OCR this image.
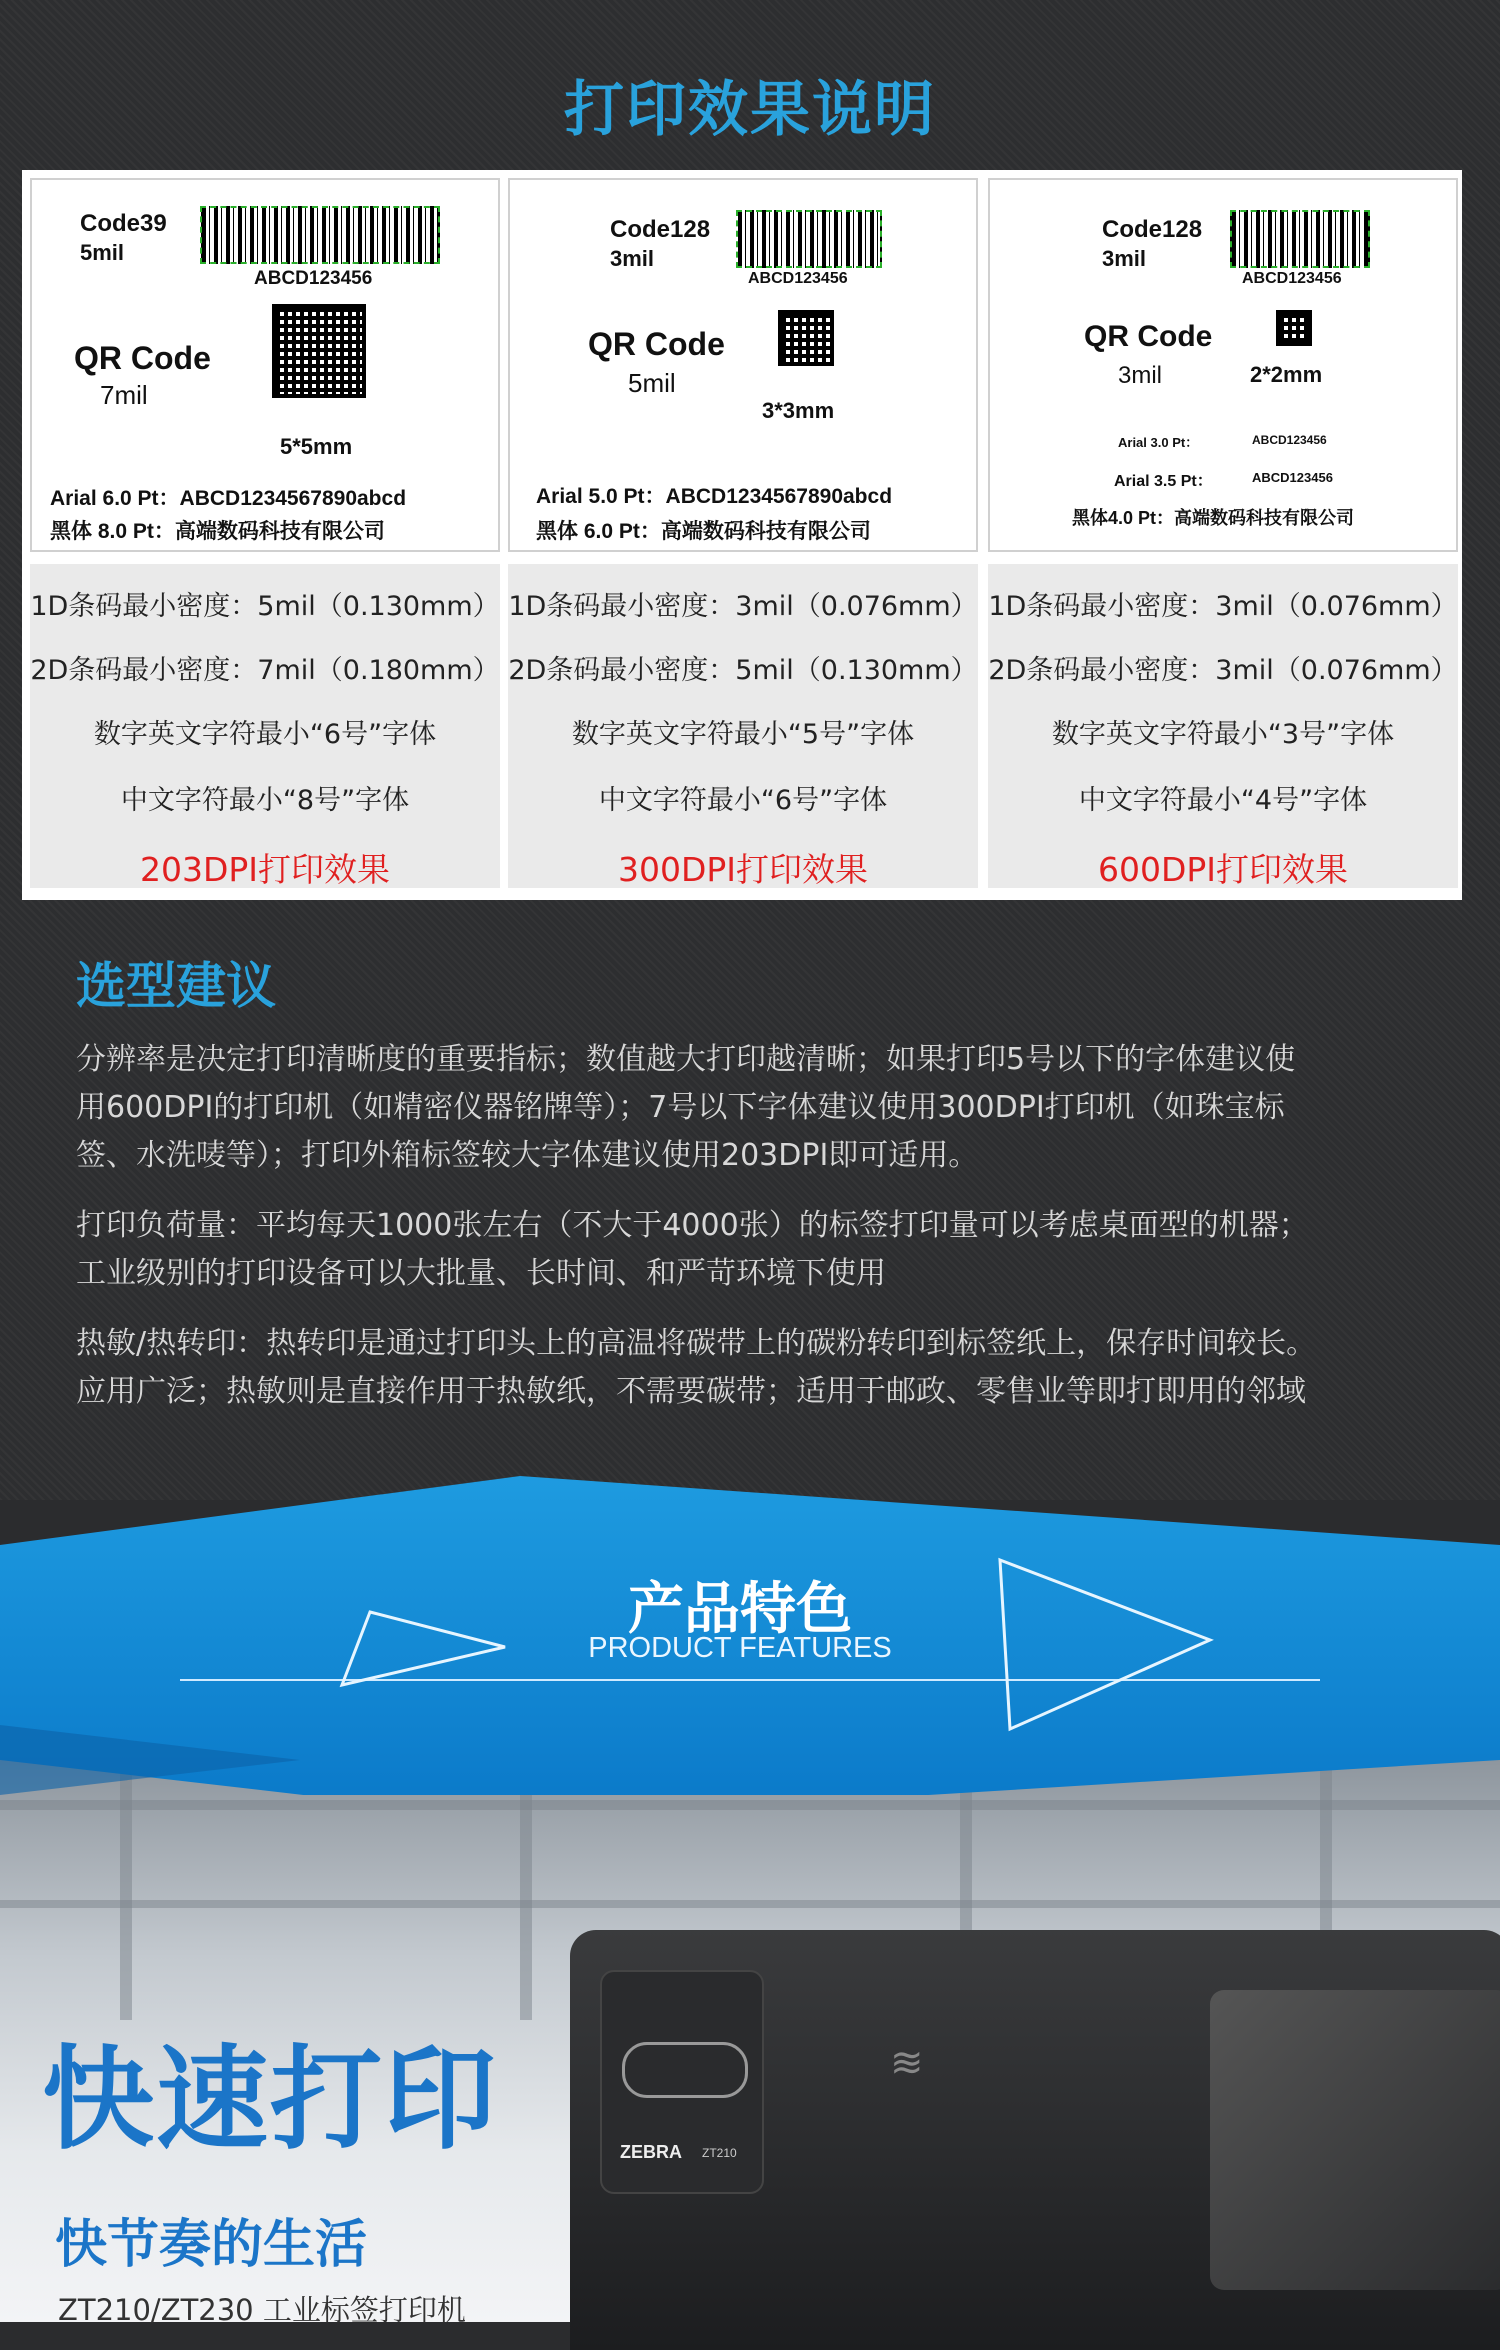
打印效果说明
Code39
5mil
ABCD123456
QR Code
7mil
5*5mm
Arial 6.0 Pt：ABCD1234567890abcd
黑体 8.0 Pt：高端数码科技有限公司
1D条码最小密度：5mil（0.130mm）
2D条码最小密度：7mil（0.180mm）
数字英文字符最小“6号”字体
中文字符最小“8号”字体
203DPI打印效果
Code128
3mil
ABCD123456
QR Code
5mil
3*3mm
Arial 5.0 Pt：ABCD1234567890abcd
黑体 6.0 Pt：高端数码科技有限公司
1D条码最小密度：3mil（0.076mm）
2D条码最小密度：5mil（0.130mm）
数字英文字符最小“5号”字体
中文字符最小“6号”字体
300DPI打印效果
Code128
3mil
ABCD123456
QR Code
3mil	2*2mm
Arial 3.0 Pt：	ABCD123456
Arial 3.5 Pt：	ABCD123456
黑体4.0 Pt：高端数码科技有限公司
1D条码最小密度：3mil（0.076mm）
2D条码最小密度：3mil（0.076mm）
数字英文字符最小“3号”字体
中文字符最小“4号”字体
600DPI打印效果
选型建议
分辨率是决定打印清晰度的重要指标；数值越大打印越清晰；如果打印5号以下的字体建议使
用600DPI的打印机（如精密仪器铭牌等）；7号以下字体建议使用300DPI打印机（如珠宝标
签、水洗唛等）；打印外箱标签较大字体建议使用203DPI即可适用。
打印负荷量：平均每天1000张左右（不大于4000张）的标签打印量可以考虑桌面型的机器；
工业级别的打印设备可以大批量、长时间、和严苛环境下使用
热敏/热转印：热转印是通过打印头上的高温将碳带上的碳粉转印到标签纸上，保存时间较长。
应用广泛；热敏则是直接作用于热敏纸，不需要碳带；适用于邮政、零售业等即打即用的邻域
产品特色
PRODUCT FEATURES
ZEBRA ZT210
≋
快速打印
快节奏的生活
ZT210/ZT230 工业标签打印机
